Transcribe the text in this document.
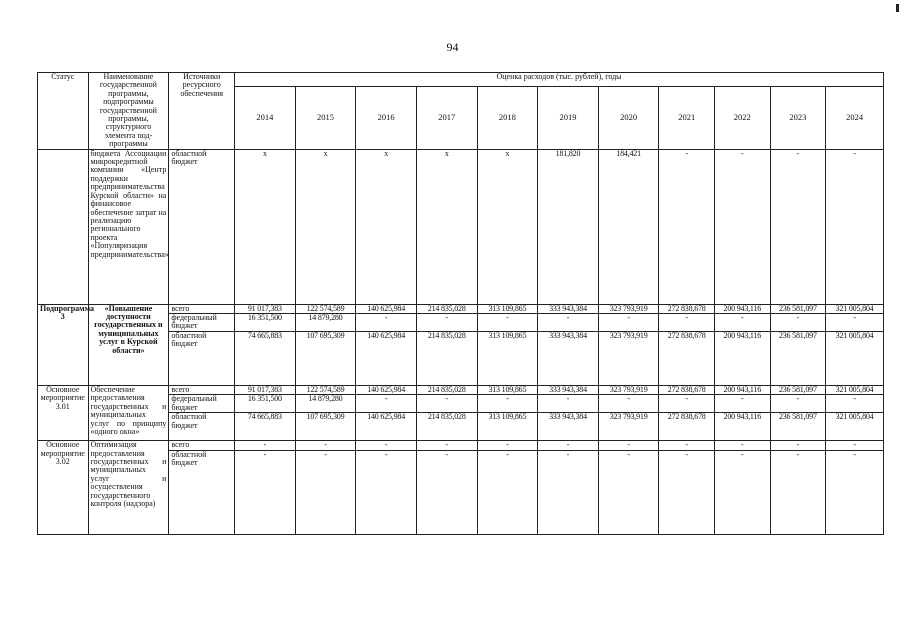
94
Статус	Наименование государственной программы, подпрограммы государственной программы, структурного элемента под-программы	Источники ресурсного обеспечения	Оценка расходов (тыс. рублей), годы										
			2014	2015	2016	2017	2018	2019	2020	2021	2022	2023	2024
	бюджета Ассоциации микрокредитной компании «Центр поддержки предпринимательства Курской области» на финансовое обеспечение затрат на реализацию регионального проекта «Популяризация предпринимательства»	областной бюджет	x	x	x	x	x	181,820	184,421	-	-	-	-
Подпрограмма 3	«Повышение доступности государственных и муниципальных услуг в Курской области»	всего	91 017,383	122 574,589	140 625,984	214 835,028	313 109,865	333 943,384	323 793,919	272 838,678	200 943,116	236 581,097	321 005,804
		федеральный бюджет	16 351,500	14 879,280	-	-	-	-	-	-	-	-	-
		областной бюджет	74 665,883	107 695,309	140 625,984	214 835,028	313 109,865	333 943,384	323 793,919	272 838,678	200 943,116	236 581,097	321 005,804
Основное мероприятие 3.01	Обеспечение предоставления государственных и муниципальных услуг по принципу «одного окна»	всего	91 017,383	122 574,589	140 625,984	214 835,028	313 109,865	333 943,384	323 793,919	272 838,678	200 943,116	236 581,097	321 005,804
		федеральный бюджет	16 351,500	14 879,280	-	-	-	-	-	-	-	-	-
		областной бюджет	74 665,883	107 695,309	140 625,984	214 835,028	313 109,865	333 943,384	323 793,919	272 838,678	200 943,116	236 581,097	321 005,804
Основное мероприятие 3.02	Оптимизация предоставления государственных и муниципальных услуг и осуществления государственного контроля (надзора)	всего	-	-	-	-	-	-	-	-	-	-	-
		областной бюджет	-	-	-	-	-	-	-	-	-	-	-
